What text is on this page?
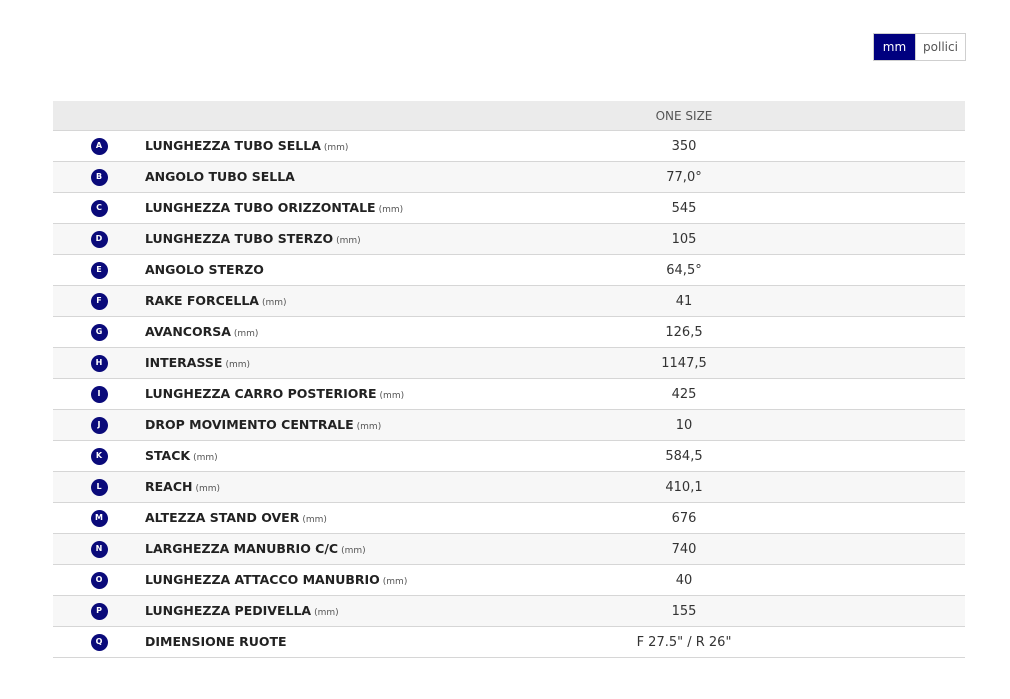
mm	pollici
		ONE SIZE	
A	LUNGHEZZA TUBO SELLA (mm)	350	
B	ANGOLO TUBO SELLA	77,0°	
C	LUNGHEZZA TUBO ORIZZONTALE (mm)	545	
D	LUNGHEZZA TUBO STERZO (mm)	105	
E	ANGOLO STERZO	64,5°	
F	RAKE FORCELLA (mm)	41	
G	AVANCORSA (mm)	126,5	
H	INTERASSE (mm)	1147,5	
I	LUNGHEZZA CARRO POSTERIORE (mm)	425	
J	DROP MOVIMENTO CENTRALE (mm)	10	
K	STACK (mm)	584,5	
L	REACH (mm)	410,1	
M	ALTEZZA STAND OVER (mm)	676	
N	LARGHEZZA MANUBRIO C/C (mm)	740	
O	LUNGHEZZA ATTACCO MANUBRIO (mm)	40	
P	LUNGHEZZA PEDIVELLA (mm)	155	
Q	DIMENSIONE RUOTE	F 27.5" / R 26"	
